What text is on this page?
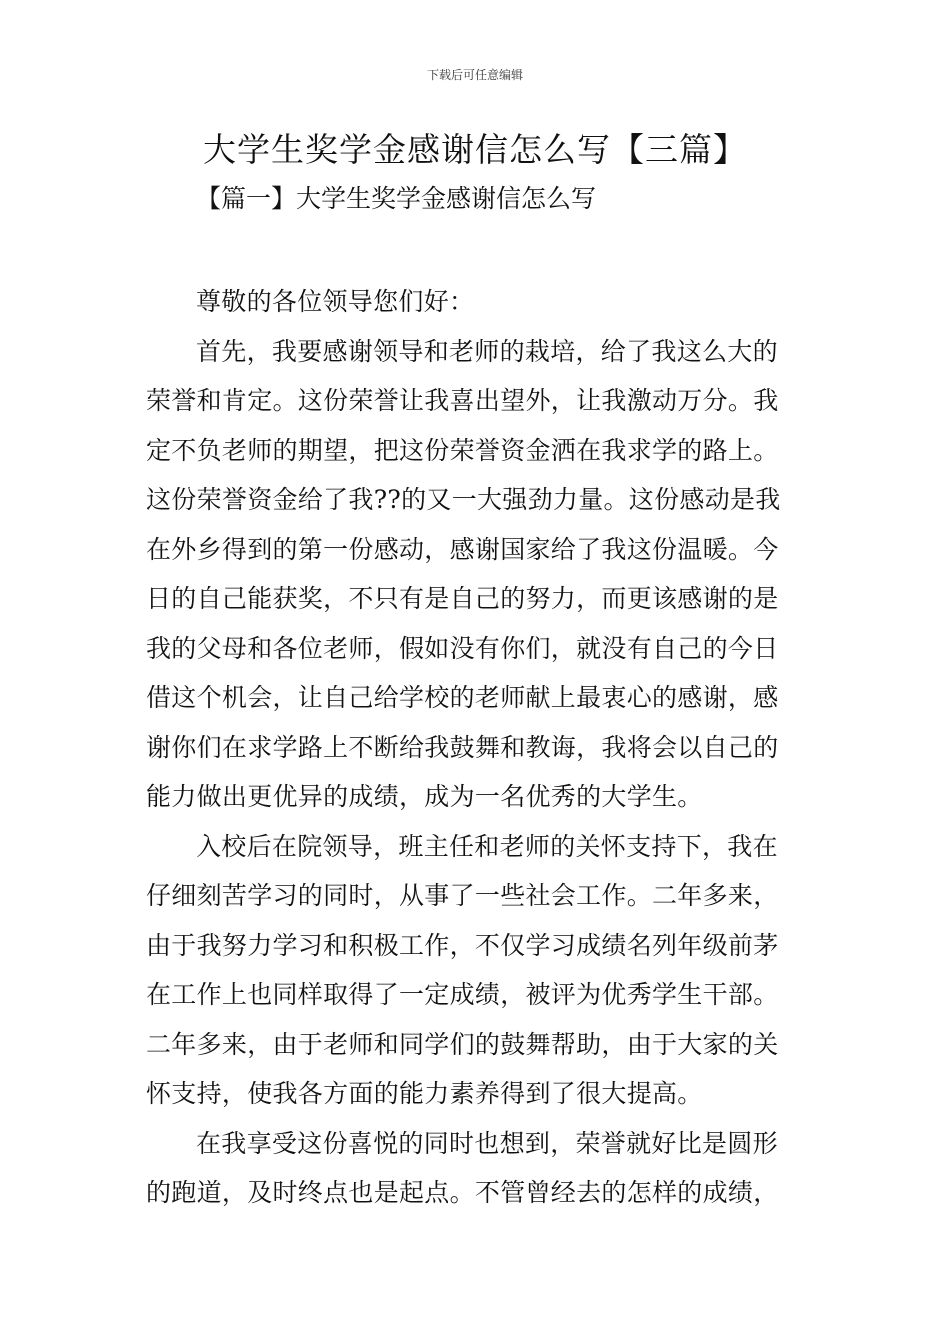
下载后可任意编辑
大学生奖学金感谢信怎么写【三篇】
【篇一】大学生奖学金感谢信怎么写
尊敬的各位领导您们好：
首先，我要感谢领导和老师的栽培，给了我这么大的
荣誉和肯定。这份荣誉让我喜出望外，让我激动万分。我
定不负老师的期望，把这份荣誉资金洒在我求学的路上。
这份荣誉资金给了我??的又一大强劲力量。这份感动是我
在外乡得到的第一份感动，感谢国家给了我这份温暖。今
日的自己能获奖，不只有是自己的努力，而更该感谢的是
我的父母和各位老师，假如没有你们，就没有自己的今日
借这个机会，让自己给学校的老师献上最衷心的感谢，感
谢你们在求学路上不断给我鼓舞和教诲，我将会以自己的
能力做出更优异的成绩，成为一名优秀的大学生。
入校后在院领导，班主任和老师的关怀支持下，我在
仔细刻苦学习的同时，从事了一些社会工作。二年多来，
由于我努力学习和积极工作，不仅学习成绩名列年级前茅
在工作上也同样取得了一定成绩，被评为优秀学生干部。
二年多来，由于老师和同学们的鼓舞帮助，由于大家的关
怀支持，使我各方面的能力素养得到了很大提高。
在我享受这份喜悦的同时也想到，荣誉就好比是圆形
的跑道，及时终点也是起点。不管曾经去的怎样的成绩，
